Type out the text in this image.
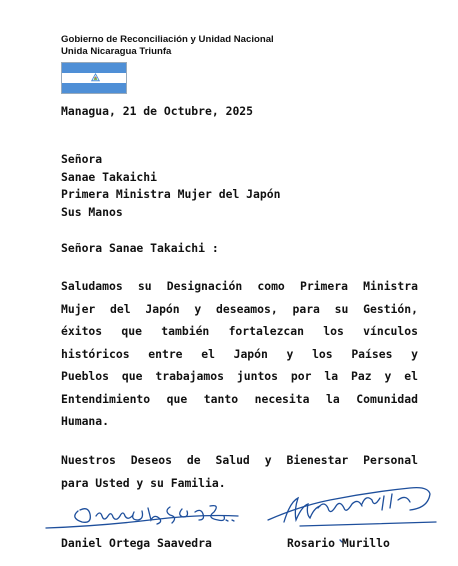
Gobierno de Reconciliación y Unidad Nacional
Unida Nicaragua Triunfa
Managua, 21 de Octubre, 2025
Señora
Sanae Takaichi
Primera Ministra Mujer del Japón
Sus Manos
Señora Sanae Takaichi :
Saludamos su Designación como Primera Ministra
Mujer del Japón y deseamos, para su Gestión,
éxitos que también fortalezcan los vínculos
históricos entre el Japón y los Países y
Pueblos que trabajamos juntos por la Paz y el
Entendimiento que tanto necesita la Comunidad
Humana.
Nuestros Deseos de Salud y Bienestar Personal
para Usted y su Familia.
Daniel Ortega Saavedra	Rosario Murillo
